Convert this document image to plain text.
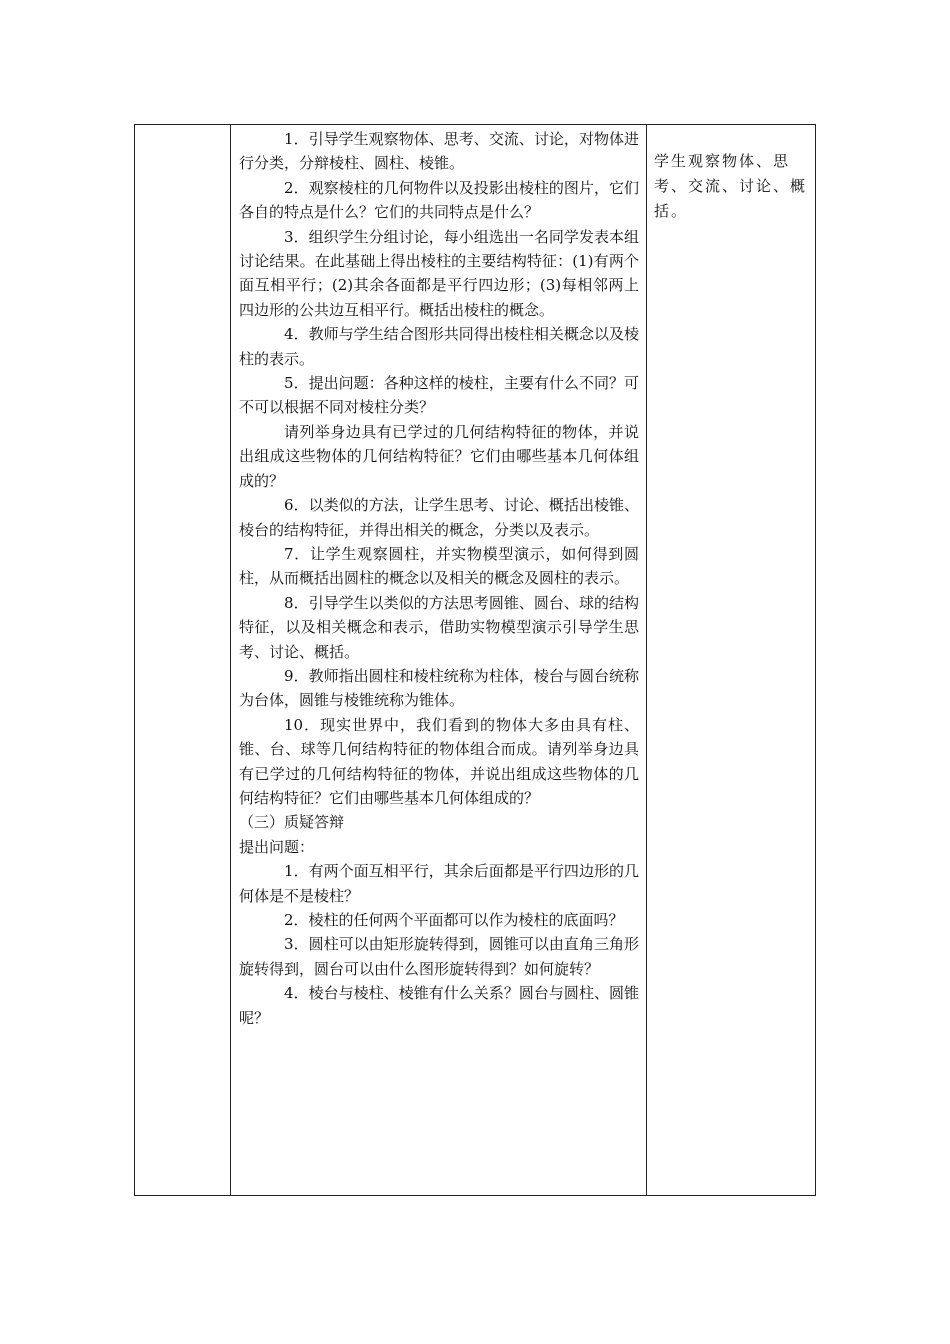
1．引导学生观察物体、思考、交流、讨论，对物体进行分类，分辩棱柱、圆柱、棱锥。

2．观察棱柱的几何物件以及投影出棱柱的图片，它们各自的特点是什么？它们的共同特点是什么？

3．组织学生分组讨论，每小组选出一名同学发表本组讨论结果。在此基础上得出棱柱的主要结构特征：(1)有两个面互相平行；(2)其余各面都是平行四边形；(3)每相邻两上四边形的公共边互相平行。概括出棱柱的概念。

4．教师与学生结合图形共同得出棱柱相关概念以及棱柱的表示。

5．提出问题：各种这样的棱柱，主要有什么不同？可不可以根据不同对棱柱分类？

请列举身边具有已学过的几何结构特征的物体，并说出组成这些物体的几何结构特征？它们由哪些基本几何体组成的？

6．以类似的方法，让学生思考、讨论、概括出棱锥、棱台的结构特征，并得出相关的概念，分类以及表示。

7．让学生观察圆柱，并实物模型演示，如何得到圆柱，从而概括出圆柱的概念以及相关的概念及圆柱的表示。

8．引导学生以类似的方法思考圆锥、圆台、球的结构特征，以及相关概念和表示，借助实物模型演示引导学生思考、讨论、概括。

9．教师指出圆柱和棱柱统称为柱体，棱台与圆台统称为台体，圆锥与棱锥统称为锥体。

10．现实世界中，我们看到的物体大多由具有柱、锥、台、球等几何结构特征的物体组合而成。请列举身边具有已学过的几何结构特征的物体，并说出组成这些物体的几何结构特征？它们由哪些基本几何体组成的？

（三）质疑答辩

提出问题：

1．有两个面互相平行，其余后面都是平行四边形的几何体是不是棱柱？

2．棱柱的任何两个平面都可以作为棱柱的底面吗？

3．圆柱可以由矩形旋转得到，圆锥可以由直角三角形旋转得到，圆台可以由什么图形旋转得到？如何旋转？

4．棱台与棱柱、棱锥有什么关系？圆台与圆柱、圆锥呢？

学生观察物体、思考、交流、讨论、概括。
